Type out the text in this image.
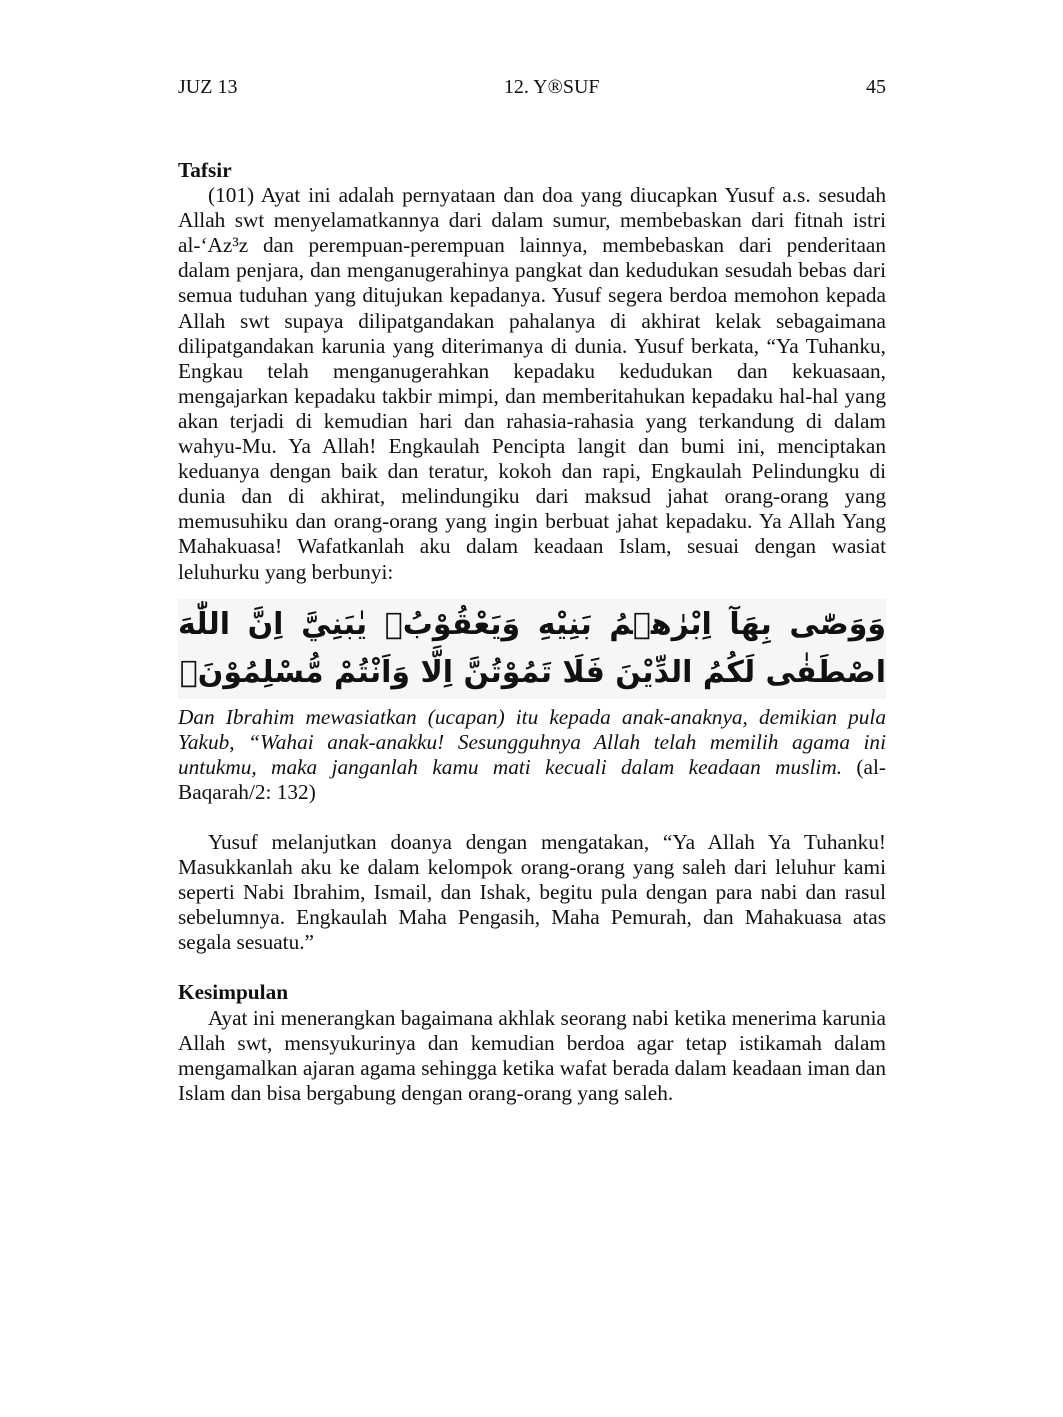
JUZ 13	12. Y®SUF	45
Tafsir

(101) Ayat ini adalah pernyataan dan doa yang diucapkan Yusuf a.s. sesudah Allah swt menyelamatkannya dari dalam sumur, membebaskan dari fitnah istri al-‘Az³z dan perempuan-perempuan lainnya, membebaskan dari penderitaan dalam penjara, dan menganugerahinya pangkat dan kedudukan sesudah bebas dari semua tuduhan yang ditujukan kepadanya. Yusuf segera berdoa memohon kepada Allah swt supaya dilipatgandakan pahalanya di akhirat kelak sebagaimana dilipatgandakan karunia yang diterimanya di dunia. Yusuf berkata, “Ya Tuhanku, Engkau telah menganugerahkan kepadaku kedudukan dan kekuasaan, mengajarkan kepadaku takbir mimpi, dan memberitahukan kepadaku hal-hal yang akan terjadi di kemudian hari dan rahasia-rahasia yang terkandung di dalam wahyu-Mu. Ya Allah! Engkaulah Pencipta langit dan bumi ini, menciptakan keduanya dengan baik dan teratur, kokoh dan rapi, Engkaulah Pelindungku di dunia dan di akhirat, melindungiku dari maksud jahat orang-orang yang memusuhiku dan orang-orang yang ingin berbuat jahat kepadaku. Ya Allah Yang Mahakuasa! Wafatkanlah aku dalam keadaan Islam, sesuai dengan wasiat leluhurku yang berbunyi:

وَوَصّٰى بِهَآ اِبْرٰهٖمُ بَنِيْهِ وَيَعْقُوْبُۗ يٰبَنِيَّ اِنَّ اللّٰهَ اصْطَفٰى لَكُمُ الدِّيْنَ فَلَا تَمُوْتُنَّ اِلَّا وَاَنْتُمْ مُّسْلِمُوْنَۗ

Dan Ibrahim mewasiatkan (ucapan) itu kepada anak-anaknya, demikian pula Yakub, “Wahai anak-anakku! Sesungguhnya Allah telah memilih agama ini untukmu, maka janganlah kamu mati kecuali dalam keadaan muslim. (al-Baqarah/2: 132)

Yusuf melanjutkan doanya dengan mengatakan, “Ya Allah Ya Tuhanku! Masukkanlah aku ke dalam kelompok orang-orang yang saleh dari leluhur kami seperti Nabi Ibrahim, Ismail, dan Ishak, begitu pula dengan para nabi dan rasul sebelumnya. Engkaulah Maha Pengasih, Maha Pemurah, dan Mahakuasa atas segala sesuatu.”

Kesimpulan

Ayat ini menerangkan bagaimana akhlak seorang nabi ketika menerima karunia Allah swt, mensyukurinya dan kemudian berdoa agar tetap istikamah dalam mengamalkan ajaran agama sehingga ketika wafat berada dalam keadaan iman dan Islam dan bisa bergabung dengan orang-orang yang saleh.
